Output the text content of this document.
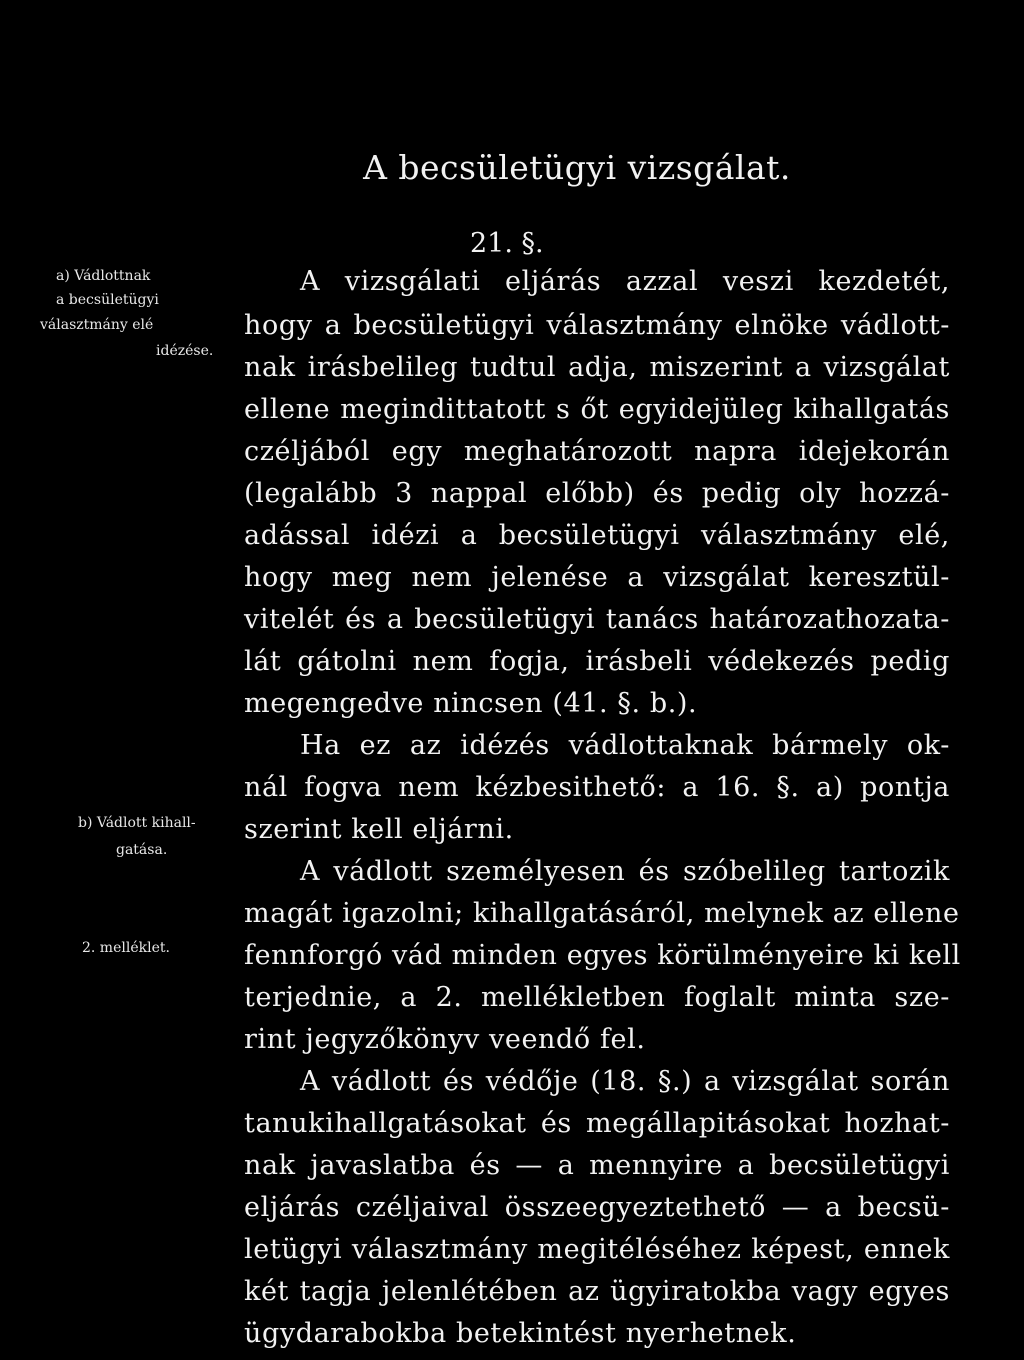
A becsületügyi vizsgálat.
21. §.
a) Vádlottnak
a becsületügyi
választmány elé
idézése.
b) Vádlott kihall-
gatása.
2. melléklet.
A vizsgálati eljárás azzal veszi kezdetét,
hogy a becsületügyi választmány elnöke vádlott-
nak irásbelileg tudtul adja, miszerint a vizsgálat
ellene megindittatott s őt egyidejüleg kihallgatás
czéljából egy meghatározott napra idejekorán
(legalább 3 nappal előbb) és pedig oly hozzá-
adással idézi a becsületügyi választmány elé,
hogy meg nem jelenése a vizsgálat keresztül-
vitelét és a becsületügyi tanács határozathozata-
lát gátolni nem fogja, irásbeli védekezés pedig
megengedve nincsen (41. §. b.).
Ha ez az idézés vádlottaknak bármely ok-
nál fogva nem kézbesithető: a 16. §. a) pontja
szerint kell eljárni.
A vádlott személyesen és szóbelileg tartozik
magát igazolni; kihallgatásáról, melynek az ellene
fennforgó vád minden egyes körülményeire ki kell
terjednie, a 2. mellékletben foglalt minta sze-
rint jegyzőkönyv veendő fel.
A vádlott és védője (18. §.) a vizsgálat során
tanukihallgatásokat és megállapitásokat hozhat-
nak javaslatba és — a mennyire a becsületügyi
eljárás czéljaival összeegyeztethető — a becsü-
letügyi választmány megitéléséhez képest, ennek
két tagja jelenlétében az ügyiratokba vagy egyes
ügydarabokba betekintést nyerhetnek.
